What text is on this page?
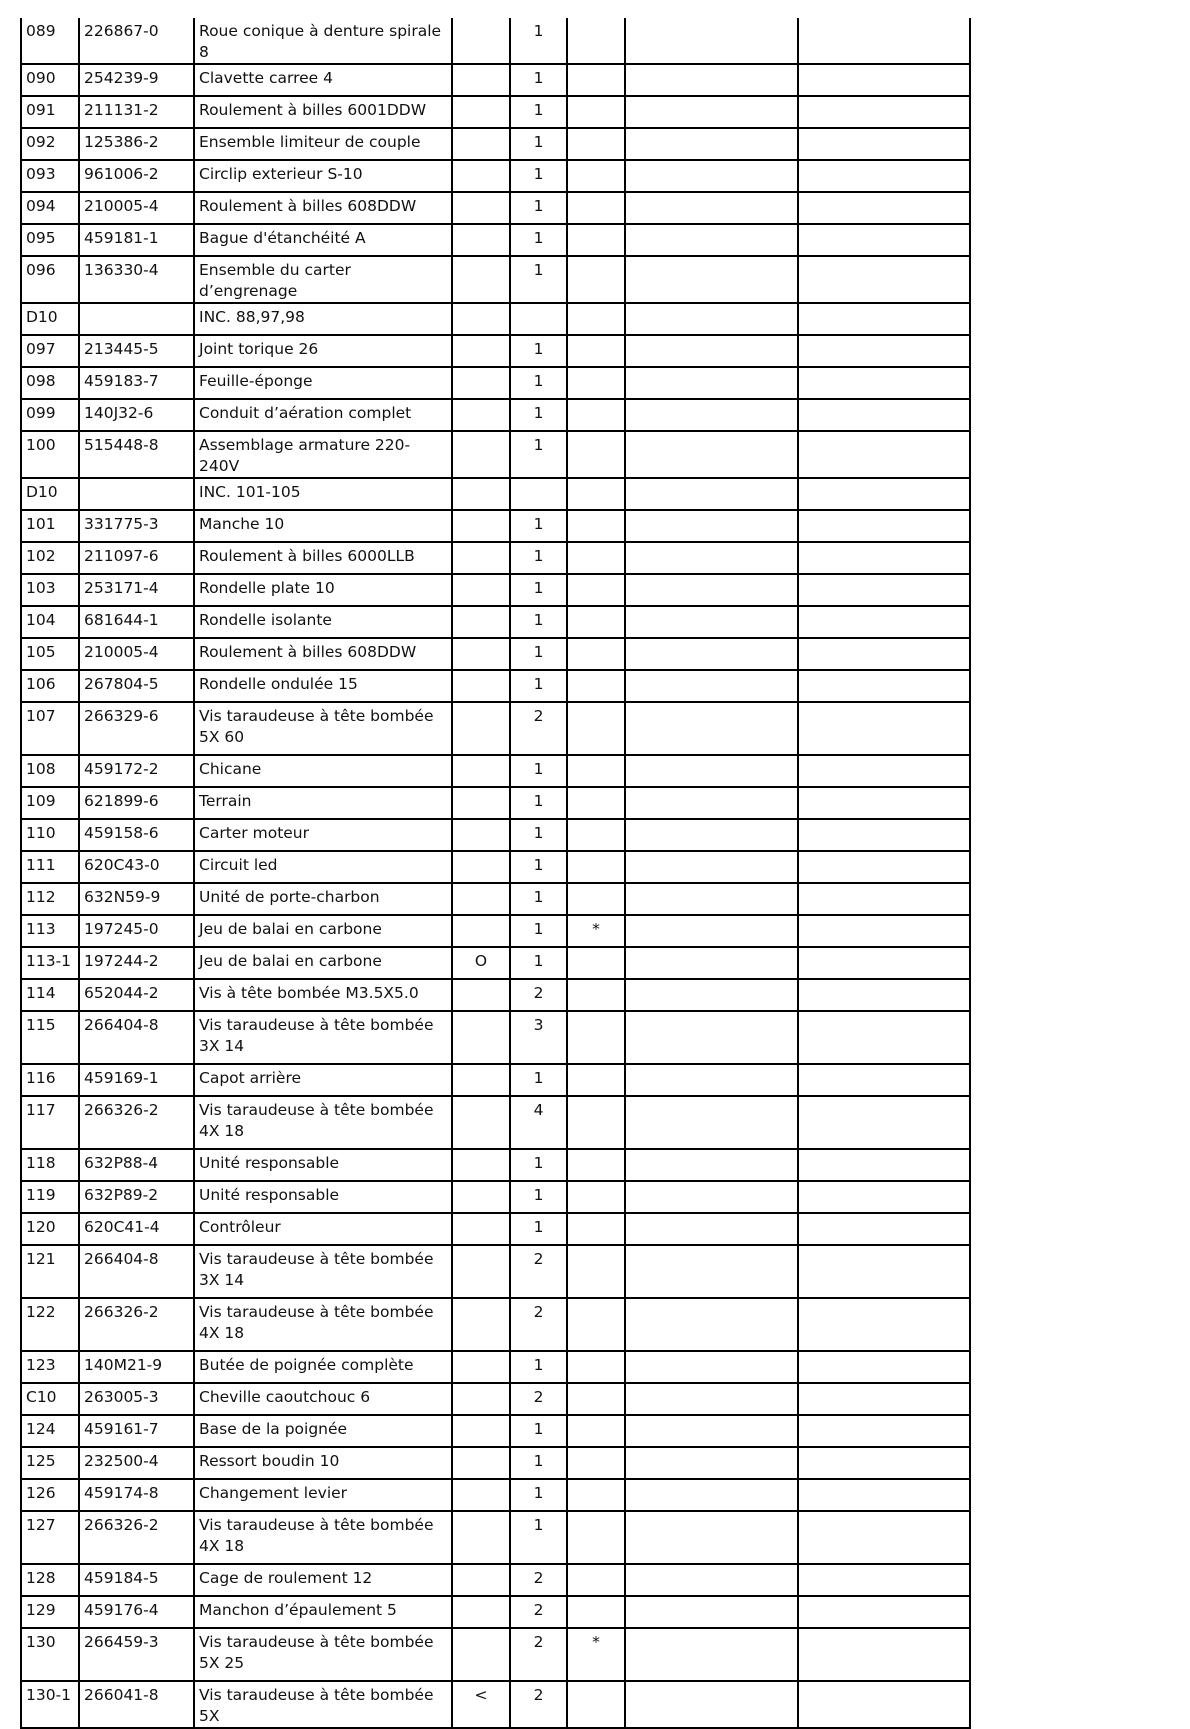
089	226867-0	Roue conique à denture spirale 8		1			
090	254239-9	Clavette carree 4		1			
091	211131-2	Roulement à billes 6001DDW		1			
092	125386-2	Ensemble limiteur de couple		1			
093	961006-2	Circlip exterieur S-10		1			
094	210005-4	Roulement à billes 608DDW		1			
095	459181-1	Bague d'étanchéité A		1			
096	136330-4	Ensemble du carter d’engrenage		1			
D10		INC. 88,97,98					
097	213445-5	Joint torique 26		1			
098	459183-7	Feuille-éponge		1			
099	140J32-6	Conduit d’aération complet		1			
100	515448-8	Assemblage armature 220-240V		1			
D10		INC. 101-105					
101	331775-3	Manche 10		1			
102	211097-6	Roulement à billes 6000LLB		1			
103	253171-4	Rondelle plate 10		1			
104	681644-1	Rondelle isolante		1			
105	210005-4	Roulement à billes 608DDW		1			
106	267804-5	Rondelle ondulée 15		1			
107	266329-6	Vis taraudeuse à tête bombée 5X 60		2			
108	459172-2	Chicane		1			
109	621899-6	Terrain		1			
110	459158-6	Carter moteur		1			
111	620C43-0	Circuit led		1			
112	632N59-9	Unité de porte-charbon		1			
113	197245-0	Jeu de balai en carbone		1	*		
113-1	197244-2	Jeu de balai en carbone	O	1			
114	652044-2	Vis à tête bombée M3.5X5.0		2			
115	266404-8	Vis taraudeuse à tête bombée 3X 14		3			
116	459169-1	Capot arrière		1			
117	266326-2	Vis taraudeuse à tête bombée 4X 18		4			
118	632P88-4	Unité responsable		1			
119	632P89-2	Unité responsable		1			
120	620C41-4	Contrôleur		1			
121	266404-8	Vis taraudeuse à tête bombée 3X 14		2			
122	266326-2	Vis taraudeuse à tête bombée 4X 18		2			
123	140M21-9	Butée de poignée complète		1			
C10	263005-3	Cheville caoutchouc 6		2			
124	459161-7	Base de la poignée		1			
125	232500-4	Ressort boudin 10		1			
126	459174-8	Changement levier		1			
127	266326-2	Vis taraudeuse à tête bombée 4X 18		1			
128	459184-5	Cage de roulement 12		2			
129	459176-4	Manchon d’épaulement 5		2			
130	266459-3	Vis taraudeuse à tête bombée 5X 25		2	*		
130-1	266041-8	Vis taraudeuse à tête bombée 5X	<	2			
